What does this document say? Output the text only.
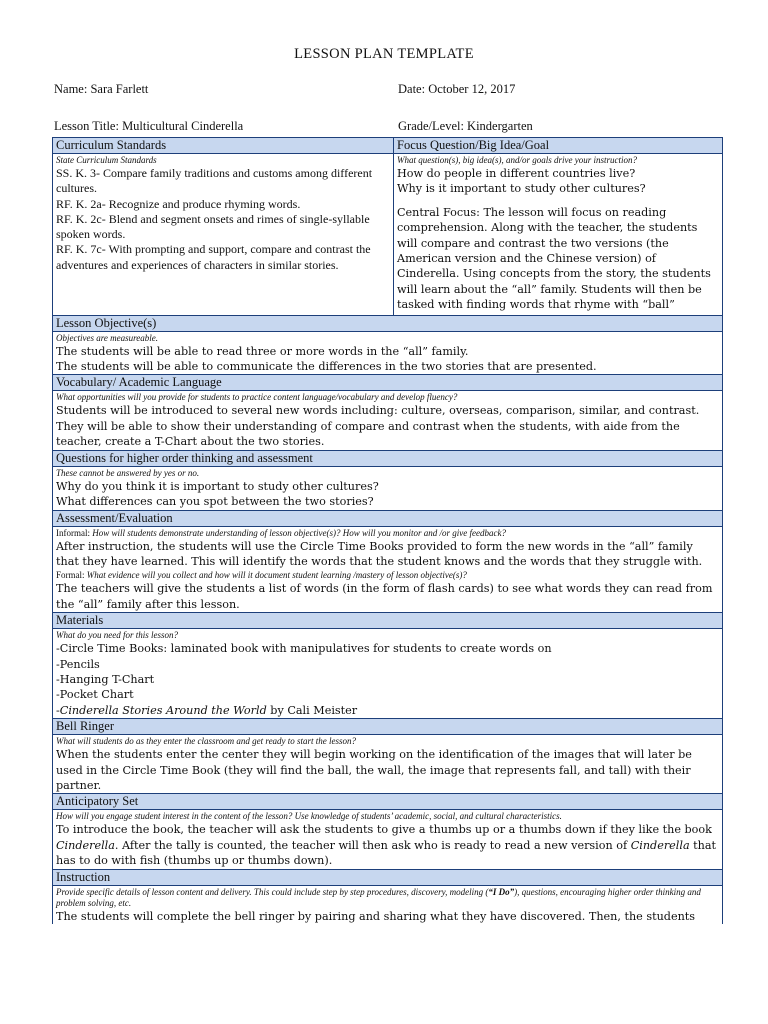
LESSON PLAN TEMPLATE
Name: Sara Farlett	Date: October 12, 2017
Lesson Title: Multicultural Cinderella	Grade/Level: Kindergarten
Curriculum Standards	Focus Question/Big Idea/Goal
State Curriculum Standards
SS. K. 3- Compare family traditions and customs among different cultures.
RF. K. 2a- Recognize and produce rhyming words.
RF. K. 2c- Blend and segment onsets and rimes of single-syllable spoken words.
RF. K. 7c- With prompting and support, compare and contrast the adventures and experiences of characters in similar stories.
What question(s), big idea(s), and/or goals drive your instruction?
How do people in different countries live?
Why is it important to study other cultures?
Central Focus: The lesson will focus on reading comprehension. Along with the teacher, the students will compare and contrast the two versions (the American version and the Chinese version) of Cinderella. Using concepts from the story, the students will learn about the “all” family. Students will then be tasked with finding words that rhyme with “ball”
Lesson Objective(s)
Objectives are measureable.
The students will be able to read three or more words in the “all” family.
The students will be able to communicate the differences in the two stories that are presented.
Vocabulary/ Academic Language
What opportunities will you provide for students to practice content language/vocabulary and develop fluency?
Students will be introduced to several new words including: culture, overseas, comparison, similar, and contrast. They will be able to show their understanding of compare and contrast when the students, with aide from the teacher, create a T-Chart about the two stories.
Questions for higher order thinking and assessment
These cannot be answered by yes or no.
Why do you think it is important to study other cultures?
What differences can you spot between the two stories?
Assessment/Evaluation
Informal: How will students demonstrate understanding of lesson objective(s)? How will you monitor and /or give feedback?
After instruction, the students will use the Circle Time Books provided to form the new words in the “all” family that they have learned. This will identify the words that the student knows and the words that they struggle with.
Formal: What evidence will you collect and how will it document student learning /mastery of lesson objective(s)?
The teachers will give the students a list of words (in the form of flash cards) to see what words they can read from the “all” family after this lesson.
Materials
What do you need for this lesson?
-Circle Time Books: laminated book with manipulatives for students to create words on
-Pencils
-Hanging T-Chart
-Pocket Chart
-Cinderella Stories Around the World by Cali Meister
Bell Ringer
What will students do as they enter the classroom and get ready to start the lesson?
When the students enter the center they will begin working on the identification of the images that will later be used in the Circle Time Book (they will find the ball, the wall, the image that represents fall, and tall) with their partner.
Anticipatory Set
How will you engage student interest in the content of the lesson? Use knowledge of students’ academic, social, and cultural characteristics.
To introduce the book, the teacher will ask the students to give a thumbs up or a thumbs down if they like the book Cinderella. After the tally is counted, the teacher will then ask who is ready to read a new version of Cinderella that has to do with fish (thumbs up or thumbs down).
Instruction
Provide specific details of lesson content and delivery. This could include step by step procedures, discovery, modeling (“I Do”), questions, encouraging higher order thinking and problem solving, etc.
The students will complete the bell ringer by pairing and sharing what they have discovered. Then, the students
